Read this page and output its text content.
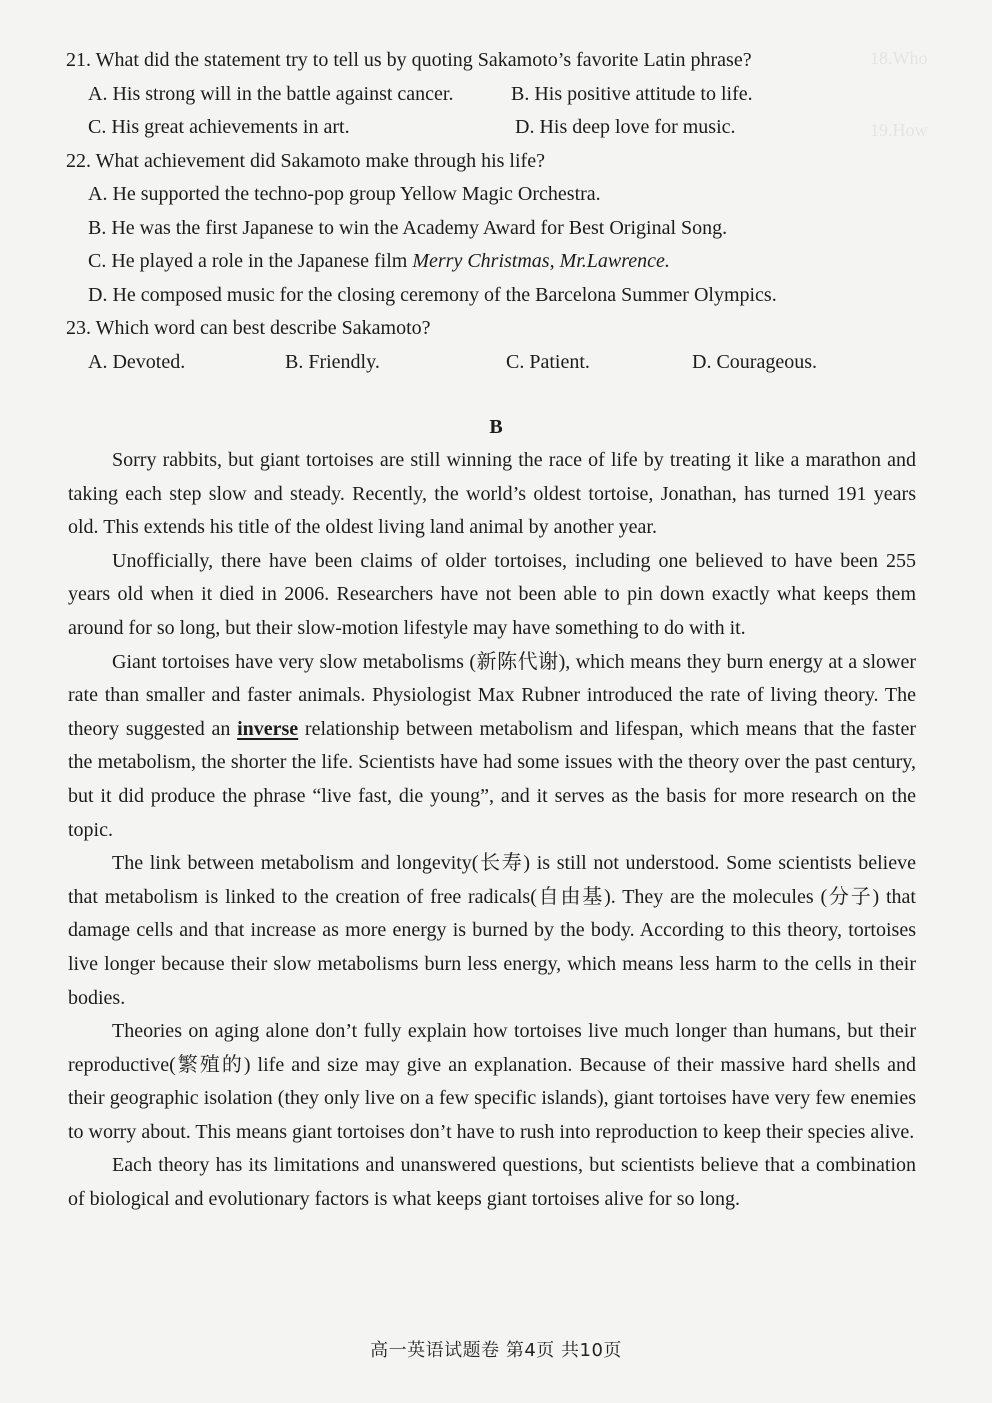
18.Who
19.How
21. What did the statement try to tell us by quoting Sakamoto’s favorite Latin phrase?
A. His strong will in the battle against cancer.	B. His positive attitude to life.
C. His great achievements in art.	D. His deep love for music.
22. What achievement did Sakamoto make through his life?
A. He supported the techno-pop group Yellow Magic Orchestra.
B. He was the first Japanese to win the Academy Award for Best Original Song.
C. He played a role in the Japanese film Merry Christmas, Mr.Lawrence.
D. He composed music for the closing ceremony of the Barcelona Summer Olympics.
23. Which word can best describe Sakamoto?
A. Devoted.	B. Friendly.	C. Patient.	D. Courageous.
B

Sorry rabbits, but giant tortoises are still winning the race of life by treating it like a marathon and taking each step slow and steady. Recently, the world’s oldest tortoise, Jonathan, has turned 191 years old. This extends his title of the oldest living land animal by another year.

Unofficially, there have been claims of older tortoises, including one believed to have been 255 years old when it died in 2006. Researchers have not been able to pin down exactly what keeps them around for so long, but their slow-motion lifestyle may have something to do with it.

Giant tortoises have very slow metabolisms (新陈代谢), which means they burn energy at a slower rate than smaller and faster animals. Physiologist Max Rubner introduced the rate of living theory. The theory suggested an inverse relationship between metabolism and lifespan, which means that the faster the metabolism, the shorter the life. Scientists have had some issues with the theory over the past century, but it did produce the phrase “live fast, die young”, and it serves as the basis for more research on the topic.

The link between metabolism and longevity(长寿) is still not understood. Some scientists believe that metabolism is linked to the creation of free radicals(自由基). They are the molecules (分子) that damage cells and that increase as more energy is burned by the body. According to this theory, tortoises live longer because their slow metabolisms burn less energy, which means less harm to the cells in their bodies.

Theories on aging alone don’t fully explain how tortoises live much longer than humans, but their reproductive(繁殖的) life and size may give an explanation. Because of their massive hard shells and their geographic isolation (they only live on a few specific islands), giant tortoises have very few enemies to worry about. This means giant tortoises don’t have to rush into reproduction to keep their species alive.

Each theory has its limitations and unanswered questions, but scientists believe that a combination of biological and evolutionary factors is what keeps giant tortoises alive for so long.

高一英语试题卷 第4页 共10页
